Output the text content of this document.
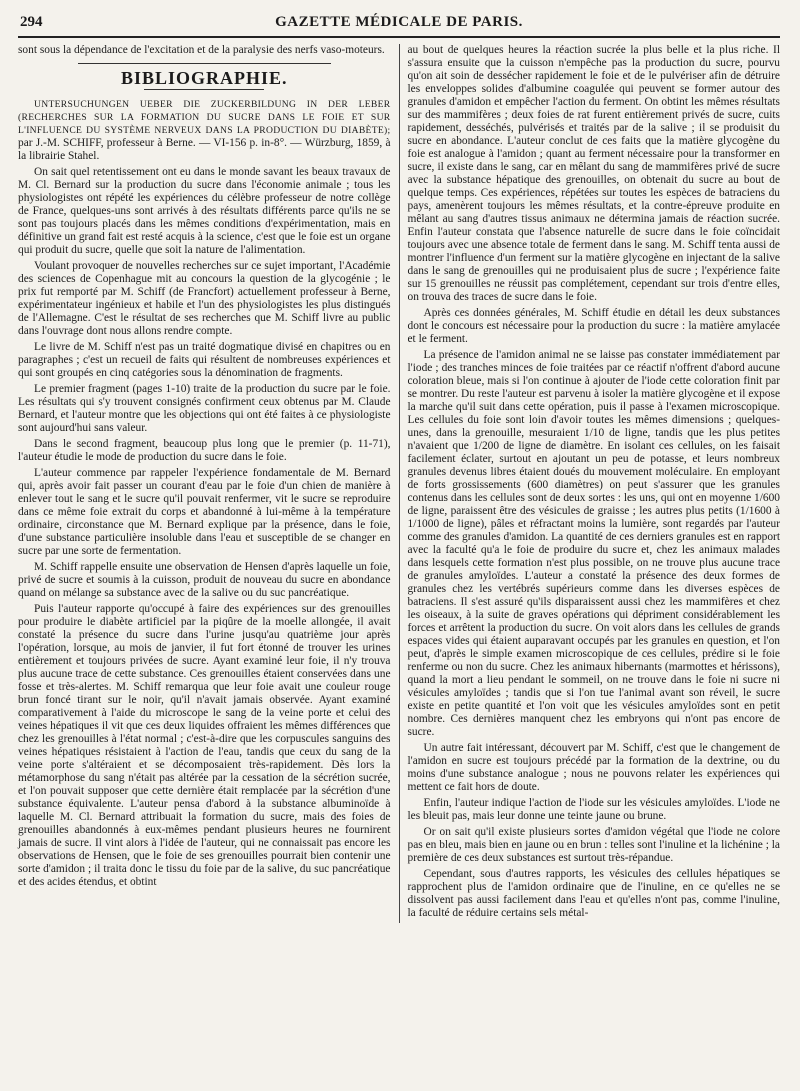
294	GAZETTE MÉDICALE DE PARIS.

sont sous la dépendance de l'excitation et de la paralysie des nerfs vaso-moteurs.

BIBLIOGRAPHIE.

UNTERSUCHUNGEN UEBER DIE ZUCKERBILDUNG IN DER LEBER (RECHERCHES SUR LA FORMATION DU SUCRE DANS LE FOIE ET SUR L'INFLUENCE DU SYSTÈME NERVEUX DANS LA PRODUCTION DU DIABÈTE); par J.-M. SCHIFF, professeur à Berne. — VI-156 p. in-8°. — Würzburg, 1859, à la librairie Stahel.

On sait quel retentissement ont eu dans le monde savant les beaux travaux de M. Cl. Bernard sur la production du sucre dans l'économie animale ; tous les physiologistes ont répété les expériences du célèbre professeur de notre collège de France, quelques-uns sont arrivés à des résultats différents parce qu'ils ne se sont pas toujours placés dans les mêmes conditions d'expérimentation, mais en définitive un grand fait est resté acquis à la science, c'est que le foie est un organe qui produit du sucre, quelle que soit la nature de l'alimentation.

Voulant provoquer de nouvelles recherches sur ce sujet important, l'Académie des sciences de Copenhague mit au concours la question de la glycogénie ; le prix fut remporté par M. Schiff (de Francfort) actuellement professeur à Berne, expérimentateur ingénieux et habile et l'un des physiologistes les plus distingués de l'Allemagne. C'est le résultat de ses recherches que M. Schiff livre au public dans l'ouvrage dont nous allons rendre compte.

Le livre de M. Schiff n'est pas un traité dogmatique divisé en chapitres ou en paragraphes ; c'est un recueil de faits qui résultent de nombreuses expériences et qui sont groupés en cinq catégories sous la dénomination de fragments.

Le premier fragment (pages 1-10) traite de la production du sucre par le foie. Les résultats qui s'y trouvent consignés confirment ceux obtenus par M. Claude Bernard, et l'auteur montre que les objections qui ont été faites à ce physiologiste sont aujourd'hui sans valeur.

Dans le second fragment, beaucoup plus long que le premier (p. 11-71), l'auteur étudie le mode de production du sucre dans le foie.

L'auteur commence par rappeler l'expérience fondamentale de M. Bernard qui, après avoir fait passer un courant d'eau par le foie d'un chien de manière à enlever tout le sang et le sucre qu'il pouvait renfermer, vit le sucre se reproduire dans ce même foie extrait du corps et abandonné à lui-même à la température ordinaire, circonstance que M. Bernard explique par la présence, dans le foie, d'une substance particulière insoluble dans l'eau et susceptible de se changer en sucre par une sorte de fermentation.

M. Schiff rappelle ensuite une observation de Hensen d'après laquelle un foie, privé de sucre et soumis à la cuisson, produit de nouveau du sucre en abondance quand on mélange sa substance avec de la salive ou du suc pancréatique.

Puis l'auteur rapporte qu'occupé à faire des expériences sur des grenouilles pour produire le diabète artificiel par la piqûre de la moelle allongée, il avait constaté la présence du sucre dans l'urine jusqu'au quatrième jour après l'opération, lorsque, au mois de janvier, il fut fort étonné de trouver les urines entièrement et toujours privées de sucre. Ayant examiné leur foie, il n'y trouva plus aucune trace de cette substance. Ces grenouilles étaient conservées dans une fosse et très-alertes. M. Schiff remarqua que leur foie avait une couleur rouge brun foncé tirant sur le noir, qu'il n'avait jamais observée. Ayant examiné comparativement à l'aide du microscope le sang de la veine porte et celui des veines hépatiques il vit que ces deux liquides offraient les mêmes différences que chez les grenouilles à l'état normal ; c'est-à-dire que les corpuscules sanguins des veines hépatiques résistaient à l'action de l'eau, tandis que ceux du sang de la veine porte s'altéraient et se décomposaient très-rapidement. Dès lors la métamorphose du sang n'était pas altérée par la cessation de la sécrétion sucrée, et l'on pouvait supposer que cette dernière était remplacée par la sécrétion d'une substance équivalente. L'auteur pensa d'abord à la substance albuminoïde à laquelle M. Cl. Bernard attribuait la formation du sucre, mais des foies de grenouilles abandonnés à eux-mêmes pendant plusieurs heures ne fournirent jamais de sucre. Il vint alors à l'idée de l'auteur, qui ne connaissait pas encore les observations de Hensen, que le foie de ses grenouilles pourrait bien contenir une sorte d'amidon ; il traita donc le tissu du foie par de la salive, du suc pancréatique et des acides étendus, et obtint

au bout de quelques heures la réaction sucrée la plus belle et la plus riche. Il s'assura ensuite que la cuisson n'empêche pas la production du sucre, pourvu qu'on ait soin de dessécher rapidement le foie et de le pulvériser afin de détruire les enveloppes solides d'albumine coagulée qui peuvent se former autour des granules d'amidon et empêcher l'action du ferment. On obtint les mêmes résultats sur des mammifères ; deux foies de rat furent entièrement privés de sucre, cuits rapidement, desséchés, pulvérisés et traités par de la salive ; il se produisit du sucre en abondance. L'auteur conclut de ces faits que la matière glycogène du foie est analogue à l'amidon ; quant au ferment nécessaire pour la transformer en sucre, il existe dans le sang, car en mêlant du sang de mammifères privé de sucre avec la substance hépatique des grenouilles, on obtenait du sucre au bout de quelque temps. Ces expériences, répétées sur toutes les espèces de batraciens du pays, amenèrent toujours les mêmes résultats, et la contre-épreuve produite en mêlant au sang d'autres tissus animaux ne détermina jamais de réaction sucrée. Enfin l'auteur constata que l'absence naturelle de sucre dans le foie coïncidait toujours avec une absence totale de ferment dans le sang. M. Schiff tenta aussi de montrer l'influence d'un ferment sur la matière glycogène en injectant de la salive dans le sang de grenouilles qui ne produisaient plus de sucre ; l'expérience faite sur 15 grenouilles ne réussit pas complétement, cependant sur trois d'entre elles, on trouva des traces de sucre dans le foie.

Après ces données générales, M. Schiff étudie en détail les deux substances dont le concours est nécessaire pour la production du sucre : la matière amylacée et le ferment.

La présence de l'amidon animal ne se laisse pas constater immédiatement par l'iode ; des tranches minces de foie traitées par ce réactif n'offrent d'abord aucune coloration bleue, mais si l'on continue à ajouter de l'iode cette coloration finit par se montrer. Du reste l'auteur est parvenu à isoler la matière glycogène et il expose la marche qu'il suit dans cette opération, puis il passe à l'examen microscopique. Les cellules du foie sont loin d'avoir toutes les mêmes dimensions ; quelques-unes, dans la grenouille, mesuraient 1/10 de ligne, tandis que les plus petites n'avaient que 1/200 de ligne de diamètre. En isolant ces cellules, on les faisait facilement éclater, surtout en ajoutant un peu de potasse, et leurs nombreux granules devenus libres étaient doués du mouvement moléculaire. En employant de forts grossissements (600 diamètres) on peut s'assurer que les granules contenus dans les cellules sont de deux sortes : les uns, qui ont en moyenne 1/600 de ligne, paraissent être des vésicules de graisse ; les autres plus petits (1/1600 à 1/1000 de ligne), pâles et réfractant moins la lumière, sont regardés par l'auteur comme des granules d'amidon. La quantité de ces derniers granules est en rapport avec la faculté qu'a le foie de produire du sucre et, chez les animaux malades dans lesquels cette formation n'est plus possible, on ne trouve plus aucune trace de granules amyloïdes. L'auteur a constaté la présence des deux formes de granules chez les vertébrés supérieurs comme dans les diverses espèces de batraciens. Il s'est assuré qu'ils disparaissent aussi chez les mammifères et chez les oiseaux, à la suite de graves opérations qui dépriment considérablement les forces et arrêtent la production du sucre. On voit alors dans les cellules de grands espaces vides qui étaient auparavant occupés par les granules en question, et l'on peut, d'après le simple examen microscopique de ces cellules, prédire si le foie renferme ou non du sucre. Chez les animaux hibernants (marmottes et hérissons), quand la mort a lieu pendant le sommeil, on ne trouve dans le foie ni sucre ni vésicules amyloïdes ; tandis que si l'on tue l'animal avant son réveil, le sucre existe en petite quantité et l'on voit que les vésicules amyloïdes sont en petit nombre. Ces dernières manquent chez les embryons qui n'ont pas encore de sucre.

Un autre fait intéressant, découvert par M. Schiff, c'est que le changement de l'amidon en sucre est toujours précédé par la formation de la dextrine, ou du moins d'une substance analogue ; nous ne pouvons relater les expériences qui mettent ce fait hors de doute.

Enfin, l'auteur indique l'action de l'iode sur les vésicules amyloïdes. L'iode ne les bleuit pas, mais leur donne une teinte jaune ou brune.

Or on sait qu'il existe plusieurs sortes d'amidon végétal que l'iode ne colore pas en bleu, mais bien en jaune ou en brun : telles sont l'inuline et la lichénine ; la première de ces deux substances est surtout très-répandue.

Cependant, sous d'autres rapports, les vésicules des cellules hépatiques se rapprochent plus de l'amidon ordinaire que de l'inuline, en ce qu'elles ne se dissolvent pas aussi facilement dans l'eau et qu'elles n'ont pas, comme l'inuline, la faculté de réduire certains sels métal-
